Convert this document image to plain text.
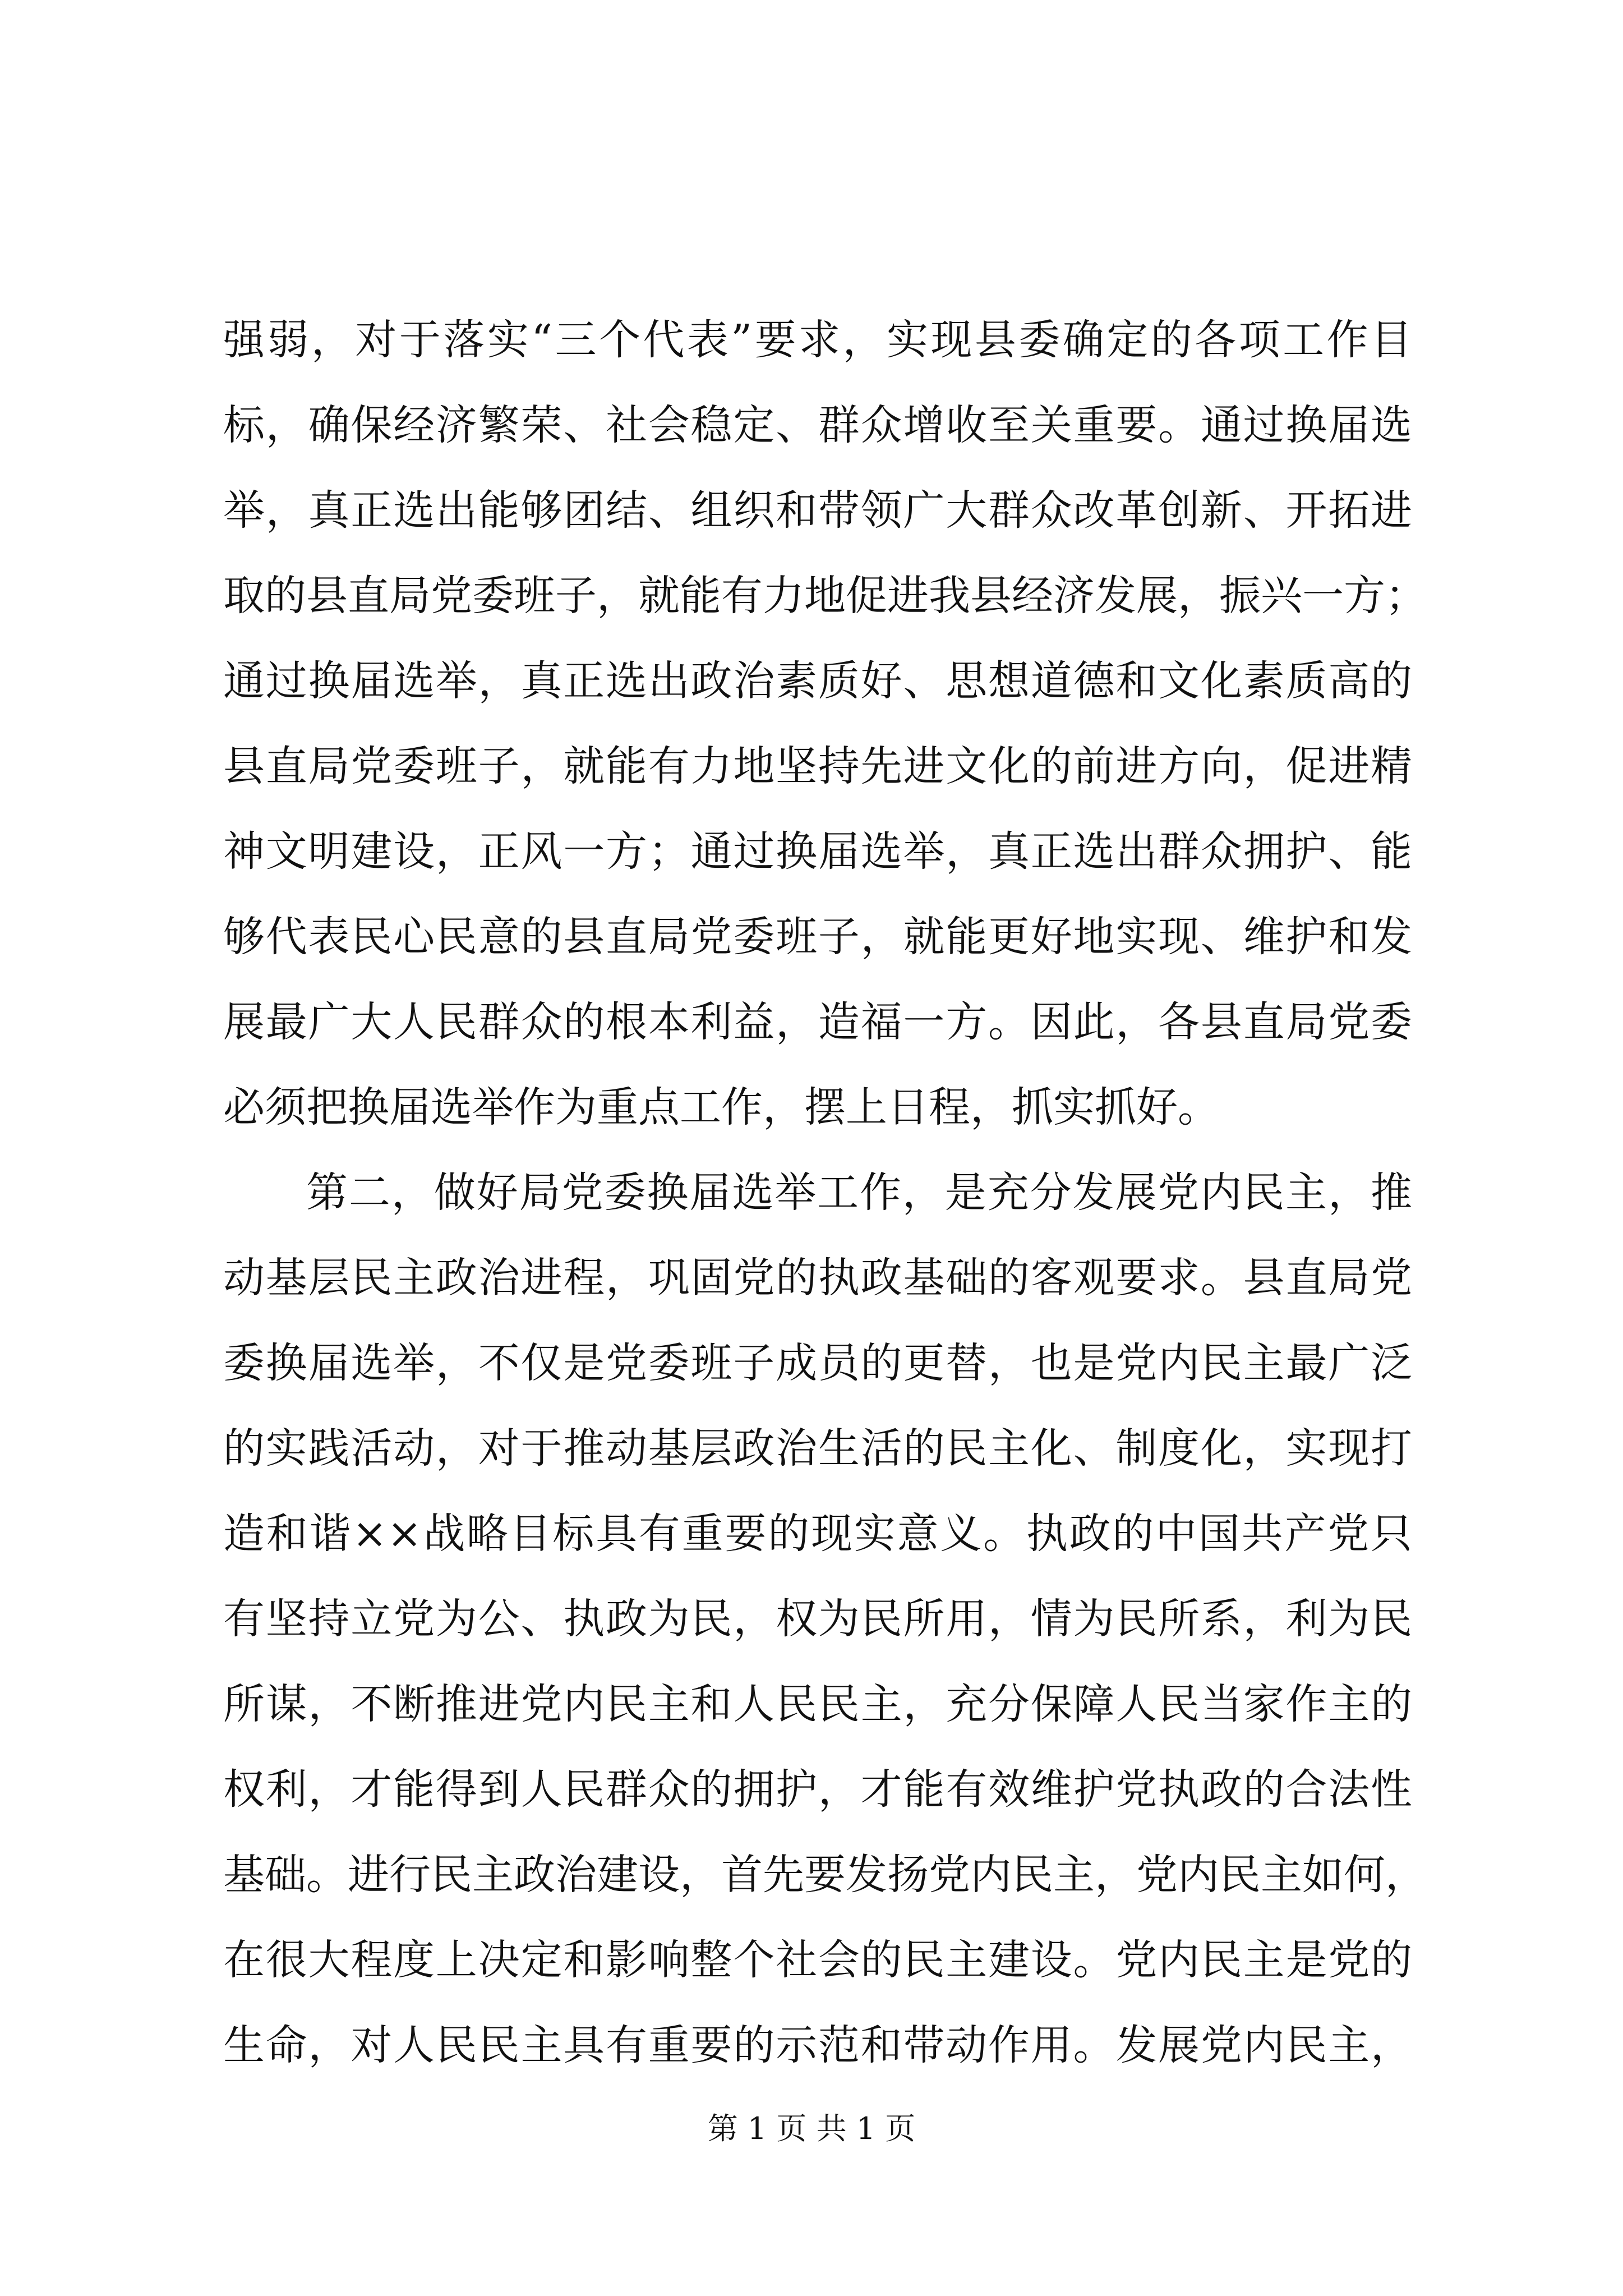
强弱，对于落实“三个代表”要求，实现县委确定的各项工作目
标，确保经济繁荣、社会稳定、群众增收至关重要。通过换届选
举，真正选出能够团结、组织和带领广大群众改革创新、开拓进
取的县直局党委班子，就能有力地促进我县经济发展，振兴一方；
通过换届选举，真正选出政治素质好、思想道德和文化素质高的
县直局党委班子，就能有力地坚持先进文化的前进方向，促进精
神文明建设，正风一方；通过换届选举，真正选出群众拥护、能
够代表民心民意的县直局党委班子，就能更好地实现、维护和发
展最广大人民群众的根本利益，造福一方。因此，各县直局党委
必须把换届选举作为重点工作，摆上日程，抓实抓好。
第二，做好局党委换届选举工作，是充分发展党内民主，推
动基层民主政治进程，巩固党的执政基础的客观要求。县直局党
委换届选举，不仅是党委班子成员的更替，也是党内民主最广泛
的实践活动，对于推动基层政治生活的民主化、制度化，实现打
造和谐××战略目标具有重要的现实意义。执政的中国共产党只
有坚持立党为公、执政为民，权为民所用，情为民所系，利为民
所谋，不断推进党内民主和人民民主，充分保障人民当家作主的
权利，才能得到人民群众的拥护，才能有效维护党执政的合法性
基础。进行民主政治建设，首先要发扬党内民主，党内民主如何，
在很大程度上决定和影响整个社会的民主建设。党内民主是党的
生命，对人民民主具有重要的示范和带动作用。发展党内民主，
第 1 页 共 1 页
